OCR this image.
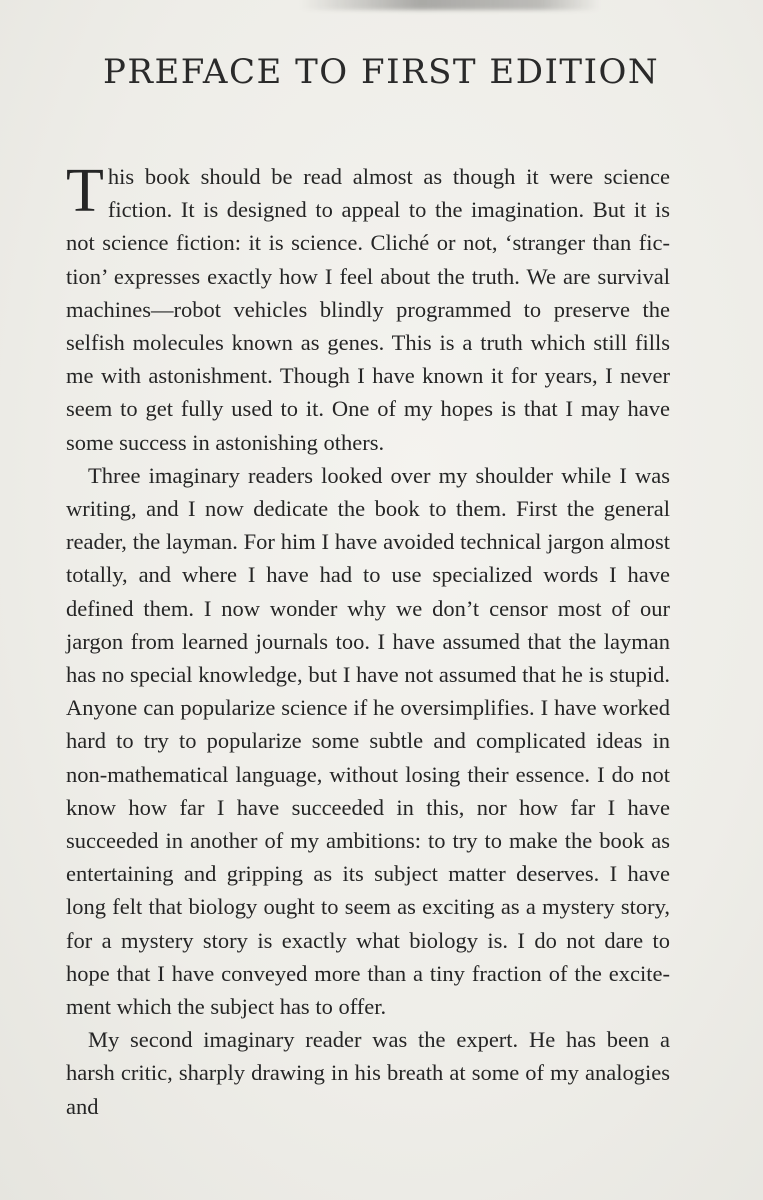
PREFACE TO FIRST EDITION

This book should be read almost as though it were science fiction. It is designed to appeal to the imagination. But it is not science fiction: it is science. Cliché or not, ‘stranger than fiction’ expresses exactly how I feel about the truth. We are survival machines—robot vehicles blindly programmed to preserve the selfish molecules known as genes. This is a truth which still fills me with astonishment. Though I have known it for years, I never seem to get fully used to it. One of my hopes is that I may have some success in astonishing others.

Three imaginary readers looked over my shoulder while I was writing, and I now dedicate the book to them. First the general reader, the layman. For him I have avoided technical jargon almost totally, and where I have had to use specialized words I have defined them. I now wonder why we don’t censor most of our jargon from learned journals too. I have assumed that the layman has no special knowledge, but I have not assumed that he is stupid. Anyone can popularize science if he oversimplifies. I have worked hard to try to popularize some subtle and complicated ideas in non-mathematical language, without losing their essence. I do not know how far I have succeeded in this, nor how far I have succeeded in another of my ambitions: to try to make the book as entertaining and gripping as its subject matter deserves. I have long felt that biology ought to seem as exciting as a mystery story, for a mystery story is exactly what biology is. I do not dare to hope that I have conveyed more than a tiny fraction of the excitement which the subject has to offer.

My second imaginary reader was the expert. He has been a harsh critic, sharply drawing in his breath at some of my analogies and
